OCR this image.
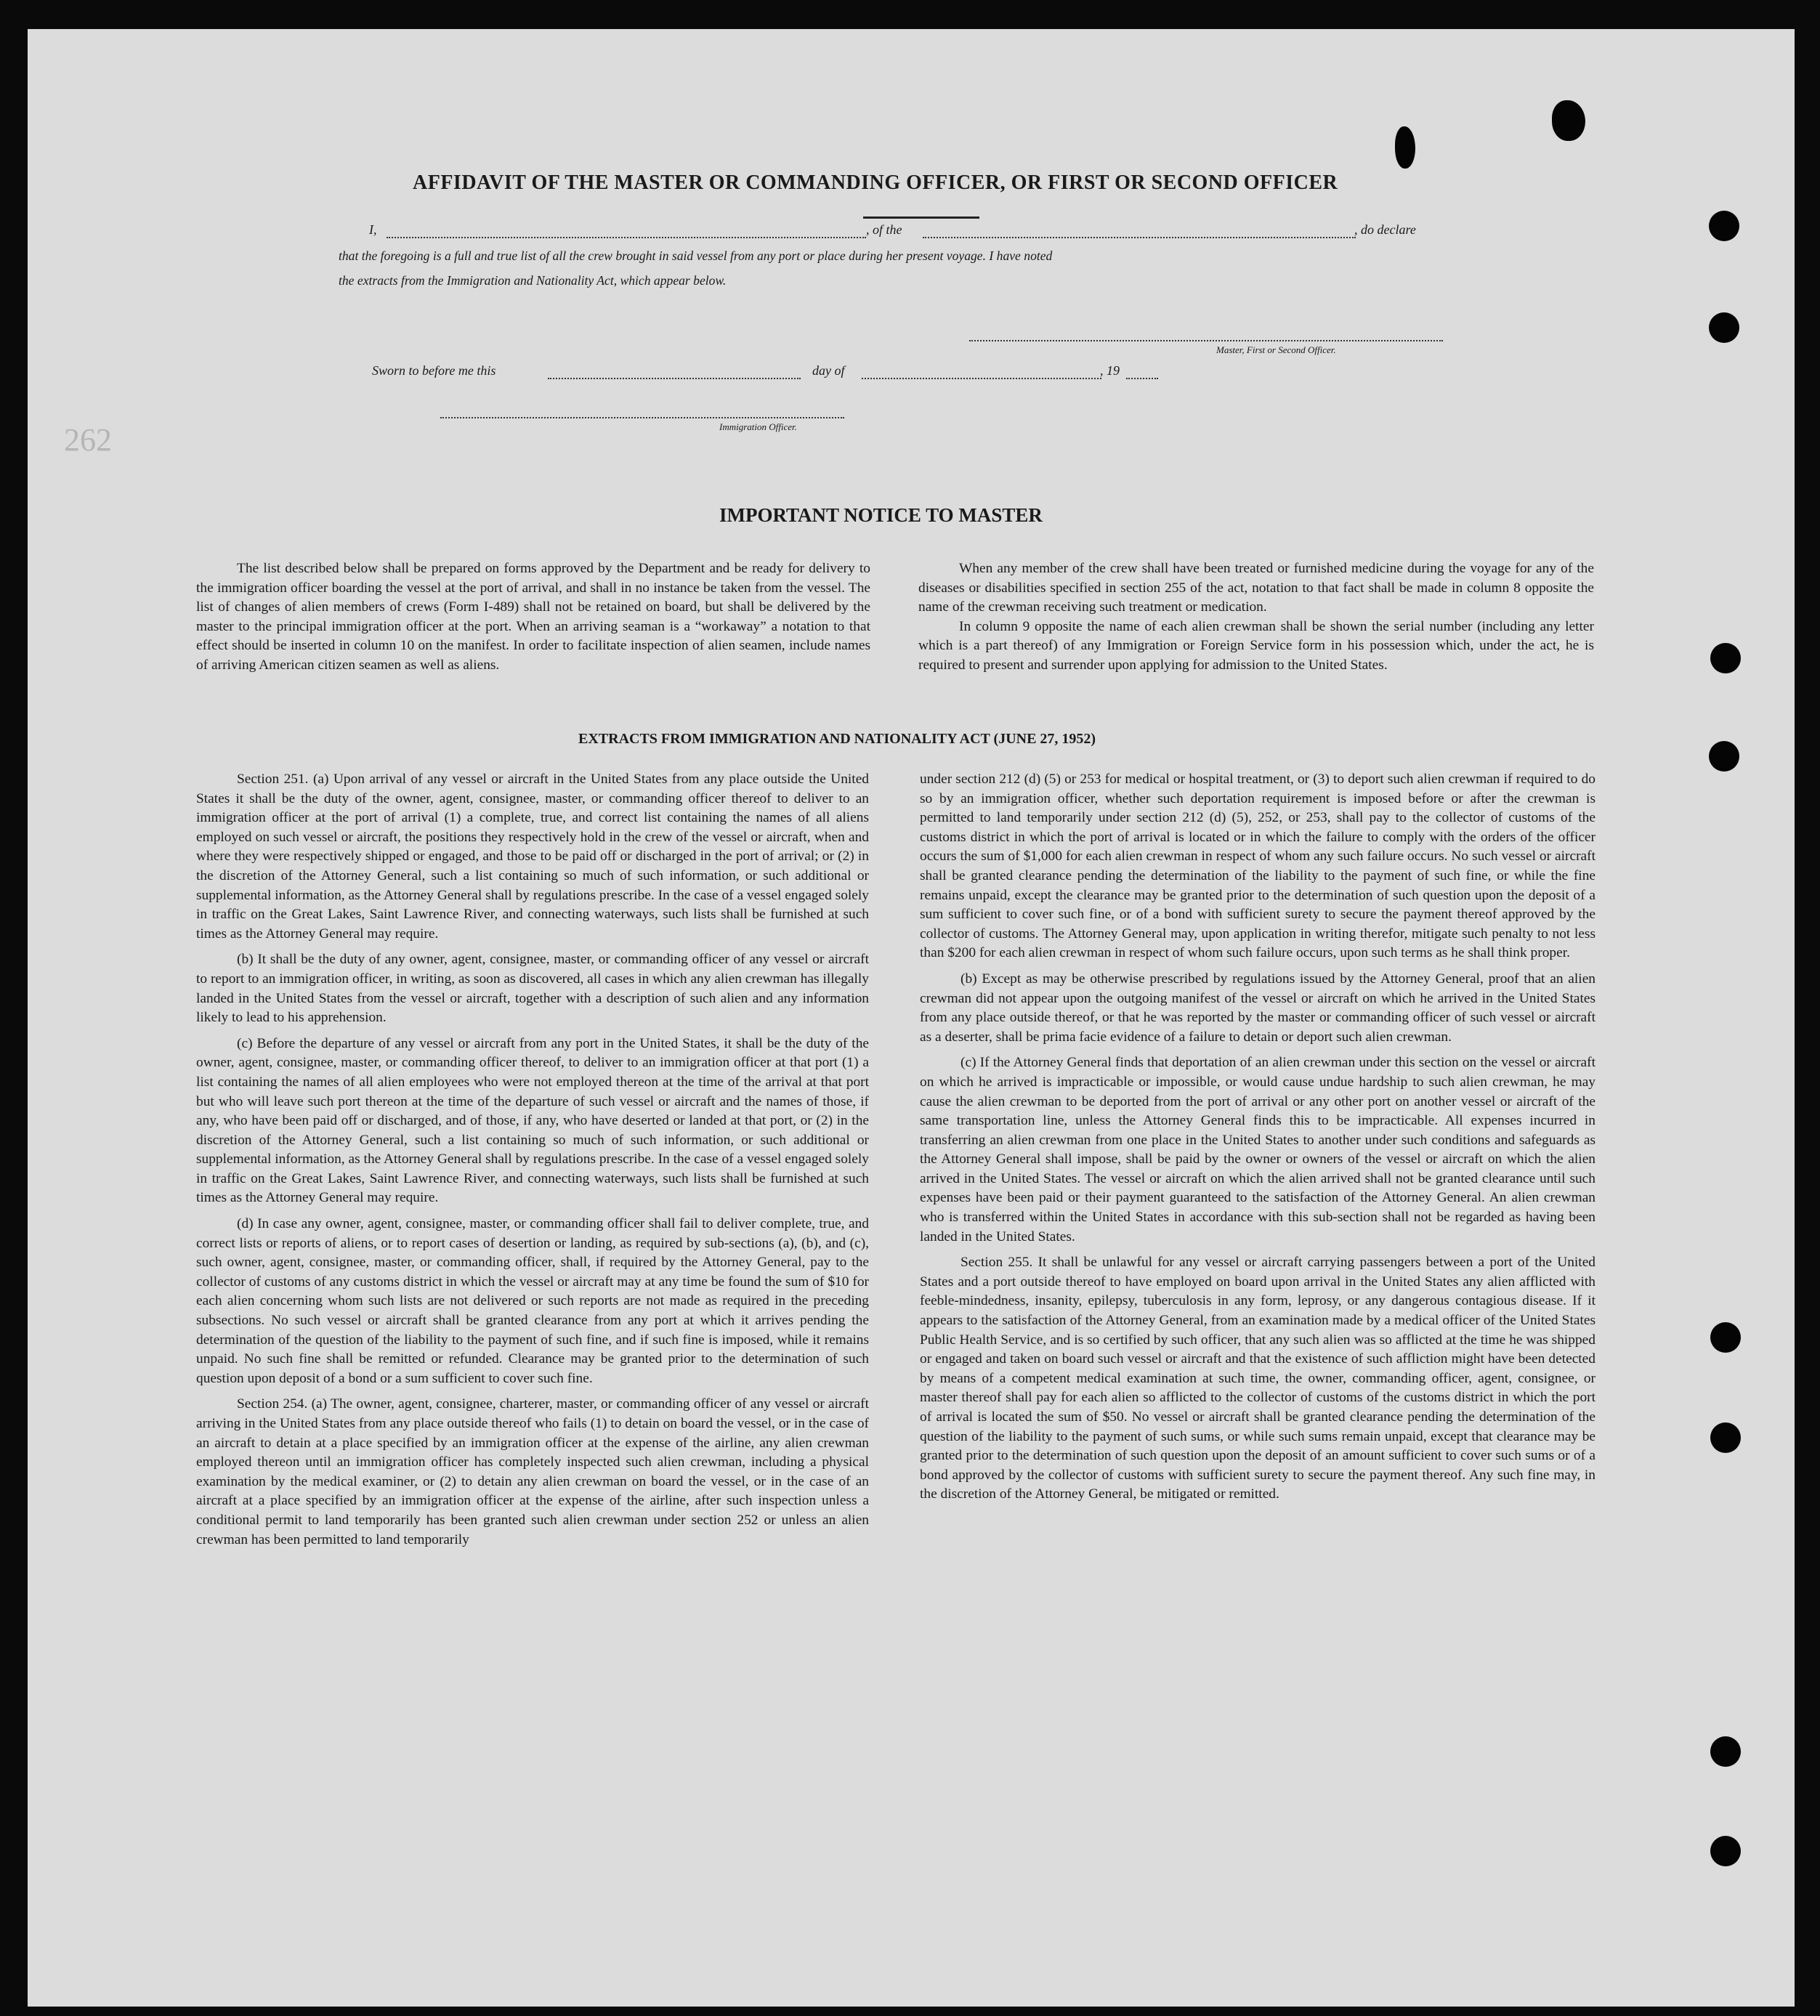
262
AFFIDAVIT OF THE MASTER OR COMMANDING OFFICER, OR FIRST OR SECOND OFFICER
I,	, of the	, do declare
that the foregoing is a full and true list of all the crew brought in said vessel from any port or place during her present voyage. I have noted
the extracts from the Immigration and Nationality Act, which appear below.
Master, First or Second Officer.
Sworn to before me this	day of	, 19
Immigration Officer.
IMPORTANT NOTICE TO MASTER

The list described below shall be prepared on forms approved by the Department and be ready for delivery to the immigration officer boarding the vessel at the port of arrival, and shall in no instance be taken from the vessel. The list of changes of alien members of crews (Form I-489) shall not be retained on board, but shall be delivered by the master to the principal immigration officer at the port. When an arriving seaman is a “workaway” a notation to that effect should be inserted in column 10 on the manifest. In order to facilitate inspection of alien seamen, include names of arriving American citizen seamen as well as aliens.

When any member of the crew shall have been treated or furnished medicine during the voyage for any of the diseases or disabilities specified in section 255 of the act, notation to that fact shall be made in column 8 opposite the name of the crewman receiving such treatment or medication.

In column 9 opposite the name of each alien crewman shall be shown the serial number (including any letter which is a part thereof) of any Immigration or Foreign Service form in his possession which, under the act, he is required to present and surrender upon applying for admission to the United States.

EXTRACTS FROM IMMIGRATION AND NATIONALITY ACT (JUNE 27, 1952)

Section 251. (a) Upon arrival of any vessel or aircraft in the United States from any place outside the United States it shall be the duty of the owner, agent, consignee, master, or commanding officer thereof to deliver to an immigration officer at the port of arrival (1) a complete, true, and correct list containing the names of all aliens employed on such vessel or aircraft, the positions they respectively hold in the crew of the vessel or aircraft, when and where they were respectively shipped or engaged, and those to be paid off or discharged in the port of arrival; or (2) in the discretion of the Attorney General, such a list containing so much of such information, or such additional or supplemental information, as the Attorney General shall by regulations prescribe. In the case of a vessel engaged solely in traffic on the Great Lakes, Saint Lawrence River, and connecting waterways, such lists shall be furnished at such times as the Attorney General may require.

(b) It shall be the duty of any owner, agent, consignee, master, or commanding officer of any vessel or aircraft to report to an immigration officer, in writing, as soon as discovered, all cases in which any alien crewman has illegally landed in the United States from the vessel or aircraft, together with a description of such alien and any information likely to lead to his apprehension.

(c) Before the departure of any vessel or aircraft from any port in the United States, it shall be the duty of the owner, agent, consignee, master, or commanding officer thereof, to deliver to an immigration officer at that port (1) a list containing the names of all alien employees who were not employed thereon at the time of the arrival at that port but who will leave such port thereon at the time of the departure of such vessel or aircraft and the names of those, if any, who have been paid off or discharged, and of those, if any, who have deserted or landed at that port, or (2) in the discretion of the Attorney General, such a list containing so much of such information, or such additional or supplemental information, as the Attorney General shall by regulations prescribe. In the case of a vessel engaged solely in traffic on the Great Lakes, Saint Lawrence River, and connecting waterways, such lists shall be furnished at such times as the Attorney General may require.

(d) In case any owner, agent, consignee, master, or commanding officer shall fail to deliver complete, true, and correct lists or reports of aliens, or to report cases of desertion or landing, as required by sub-sections (a), (b), and (c), such owner, agent, consignee, master, or commanding officer, shall, if required by the Attorney General, pay to the collector of customs of any customs district in which the vessel or aircraft may at any time be found the sum of $10 for each alien concerning whom such lists are not delivered or such reports are not made as required in the preceding subsections. No such vessel or aircraft shall be granted clearance from any port at which it arrives pending the determination of the question of the liability to the payment of such fine, and if such fine is imposed, while it remains unpaid. No such fine shall be remitted or refunded. Clearance may be granted prior to the determination of such question upon deposit of a bond or a sum sufficient to cover such fine.

Section 254. (a) The owner, agent, consignee, charterer, master, or commanding officer of any vessel or aircraft arriving in the United States from any place outside thereof who fails (1) to detain on board the vessel, or in the case of an aircraft to detain at a place specified by an immigration officer at the expense of the airline, any alien crewman employed thereon until an immigration officer has completely inspected such alien crewman, including a physical examination by the medical examiner, or (2) to detain any alien crewman on board the vessel, or in the case of an aircraft at a place specified by an immigration officer at the expense of the airline, after such inspection unless a conditional permit to land temporarily has been granted such alien crewman under section 252 or unless an alien crewman has been permitted to land temporarily

under section 212 (d) (5) or 253 for medical or hospital treatment, or (3) to deport such alien crewman if required to do so by an immigration officer, whether such deportation requirement is imposed before or after the crewman is permitted to land temporarily under section 212 (d) (5), 252, or 253, shall pay to the collector of customs of the customs district in which the port of arrival is located or in which the failure to comply with the orders of the officer occurs the sum of $1,000 for each alien crewman in respect of whom any such failure occurs. No such vessel or aircraft shall be granted clearance pending the determination of the liability to the payment of such fine, or while the fine remains unpaid, except the clearance may be granted prior to the determination of such question upon the deposit of a sum sufficient to cover such fine, or of a bond with sufficient surety to secure the payment thereof approved by the collector of customs. The Attorney General may, upon application in writing therefor, mitigate such penalty to not less than $200 for each alien crewman in respect of whom such failure occurs, upon such terms as he shall think proper.

(b) Except as may be otherwise prescribed by regulations issued by the Attorney General, proof that an alien crewman did not appear upon the outgoing manifest of the vessel or aircraft on which he arrived in the United States from any place outside thereof, or that he was reported by the master or commanding officer of such vessel or aircraft as a deserter, shall be prima facie evidence of a failure to detain or deport such alien crewman.

(c) If the Attorney General finds that deportation of an alien crewman under this section on the vessel or aircraft on which he arrived is impracticable or impossible, or would cause undue hardship to such alien crewman, he may cause the alien crewman to be deported from the port of arrival or any other port on another vessel or aircraft of the same transportation line, unless the Attorney General finds this to be impracticable. All expenses incurred in transferring an alien crewman from one place in the United States to another under such conditions and safeguards as the Attorney General shall impose, shall be paid by the owner or owners of the vessel or aircraft on which the alien arrived in the United States. The vessel or aircraft on which the alien arrived shall not be granted clearance until such expenses have been paid or their payment guaranteed to the satisfaction of the Attorney General. An alien crewman who is transferred within the United States in accordance with this sub-section shall not be regarded as having been landed in the United States.

Section 255. It shall be unlawful for any vessel or aircraft carrying passengers between a port of the United States and a port outside thereof to have employed on board upon arrival in the United States any alien afflicted with feeble-mindedness, insanity, epilepsy, tuberculosis in any form, leprosy, or any dangerous contagious disease. If it appears to the satisfaction of the Attorney General, from an examination made by a medical officer of the United States Public Health Service, and is so certified by such officer, that any such alien was so afflicted at the time he was shipped or engaged and taken on board such vessel or aircraft and that the existence of such affliction might have been detected by means of a competent medical examination at such time, the owner, commanding officer, agent, consignee, or master thereof shall pay for each alien so afflicted to the collector of customs of the customs district in which the port of arrival is located the sum of $50. No vessel or aircraft shall be granted clearance pending the determination of the question of the liability to the payment of such sums, or while such sums remain unpaid, except that clearance may be granted prior to the determination of such question upon the deposit of an amount sufficient to cover such sums or of a bond approved by the collector of customs with sufficient surety to secure the payment thereof. Any such fine may, in the discretion of the Attorney General, be mitigated or remitted.
